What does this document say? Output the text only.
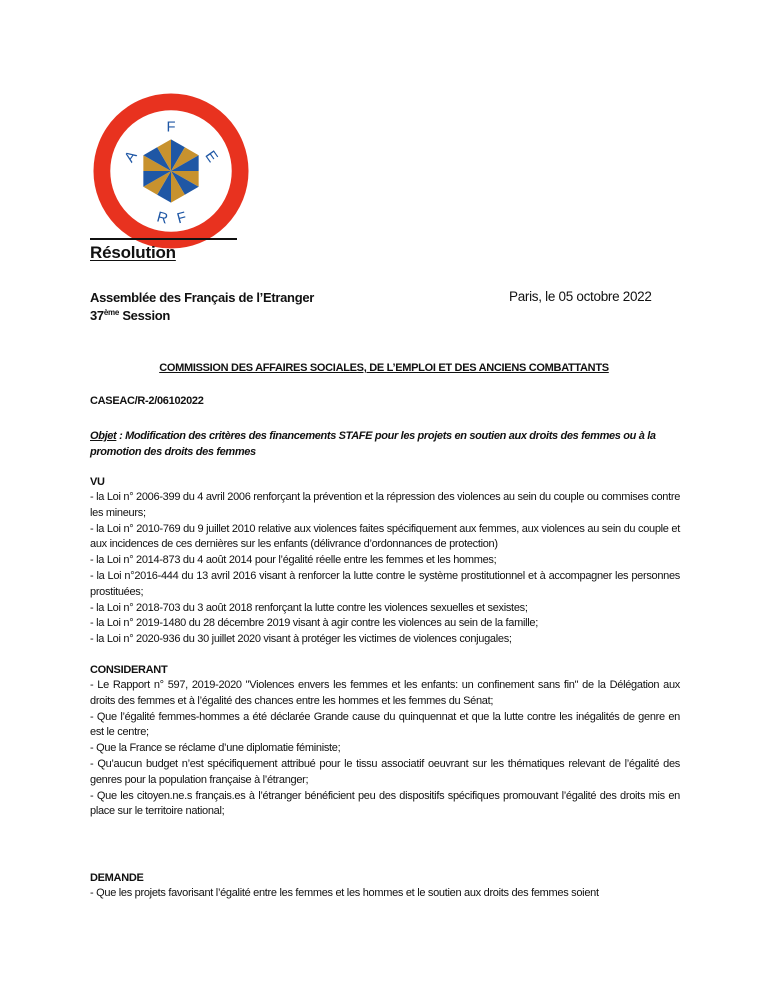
A
F
E
R F
Résolution
Assemblée des Français de l’Etranger
37ème Session
Paris, le 05 octobre 2022
COMMISSION DES AFFAIRES SOCIALES, DE L’EMPLOI ET DES ANCIENS COMBATTANTS
CASEAC/R-2/06102022
Objet : Modification des critères des financements STAFE pour les projets en soutien aux droits des femmes ou à la promotion des droits des femmes
VU

- la Loi n° 2006-399 du 4 avril 2006 renforçant la prévention et la répression des violences au sein du couple ou commises contre les mineurs;

- la Loi n° 2010-769 du 9 juillet 2010 relative aux violences faites spécifiquement aux femmes, aux violences au sein du couple et aux incidences de ces dernières sur les enfants (délivrance d’ordonnances de protection)

- la Loi n° 2014-873 du 4 août 2014 pour l’égalité réelle entre les femmes et les hommes;

- la Loi n°2016-444 du 13 avril 2016 visant à renforcer la lutte contre le système prostitutionnel et à accompagner les personnes prostituées;

- la Loi n° 2018-703 du 3 août 2018 renforçant la lutte contre les violences sexuelles et sexistes;

- la Loi n° 2019-1480 du 28 décembre 2019 visant à agir contre les violences au sein de la famille;

- la Loi n° 2020-936 du 30 juillet 2020 visant à protéger les victimes de violences conjugales;

CONSIDERANT

- Le Rapport n° 597, 2019-2020 "Violences envers les femmes et les enfants: un confinement sans fin" de la Délégation aux droits des femmes et à l’égalité des chances entre les hommes et les femmes du Sénat;

- Que l’égalité femmes-hommes a été déclarée Grande cause du quinquennat et que la lutte contre les inégalités de genre en est le centre;

- Que la France se réclame d’une diplomatie féministe;

- Qu’aucun budget n’est spécifiquement attribué pour le tissu associatif oeuvrant sur les thématiques relevant de l’égalité des genres pour la population française à l’étranger;

- Que les citoyen.ne.s français.es à l’étranger bénéficient peu des dispositifs spécifiques promouvant l’égalité des droits mis en place sur le territoire national;

DEMANDE

- Que les projets favorisant l’égalité entre les femmes et les hommes et le soutien aux droits des femmes soient
